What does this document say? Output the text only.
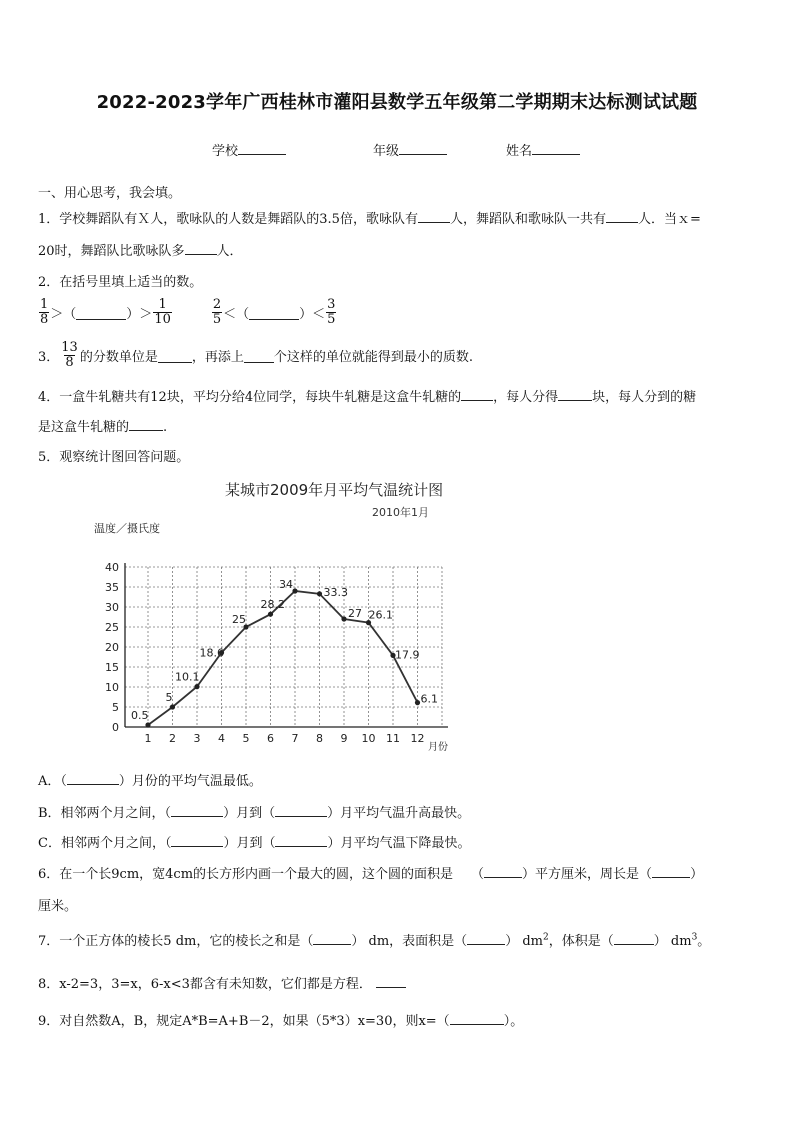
2022-2023学年广西桂林市灌阳县数学五年级第二学期期末达标测试试题
学校	年级	姓名
一、用心思考，我会填。
1．学校舞蹈队有Ｘ人，歌咏队的人数是舞蹈队的3.5倍，歌咏队有 人，舞蹈队和歌咏队一共有 人．当ｘ=
20时，舞蹈队比歌咏队多 人．
2．在括号里填上适当的数。
$\frac{1}{8}$ ＞（	）＞ $\frac{1}{10}$	$\frac{2}{5}$ ＜（	）＜ $\frac{3}{5}$
3． $\frac{13}{8}$ 的分数单位是	，再添上 个这样的单位就能得到最小的质数.
4．一盒牛轧糖共有12块，平均分给4位同学，每块牛轧糖是这盒牛轧糖的 ，每人分得	块，每人分到的糖
是这盒牛轧糖的	.
5．观察统计图回答问题。
某城市2009年月平均气温统计图
2010年1月
温度／摄氏度
月份
0
5
10
15
20
25
30
35
40
1 2 3 4 5 6 7 8 9 10 11 12
0.5
5
10.1
18.6
25
28.2
34
33.3
27 26.1
17.9
6.1
A．（	）月份的平均气温最低。
B．相邻两个月之间，（	）月到（	）月平均气温升高最快。
C．相邻两个月之间，（	）月到（	）月平均气温下降最快。
6．在一个长9cm，宽4cm的长方形内画一个最大的圆，这个圆的面积是 （	）平方厘米，周长是（	）
厘米。
7．一个正方体的棱长5 dm，它的棱长之和是（	） dm，表面积是（	） $dm^2$，体积是（	） $dm^3$。
8．x-2=3，3=x，6-x<3都含有未知数，它们都是方程．
9．对自然数A，B，规定A*B=A+B－2，如果（5*3）x=30，则x=（	）。
